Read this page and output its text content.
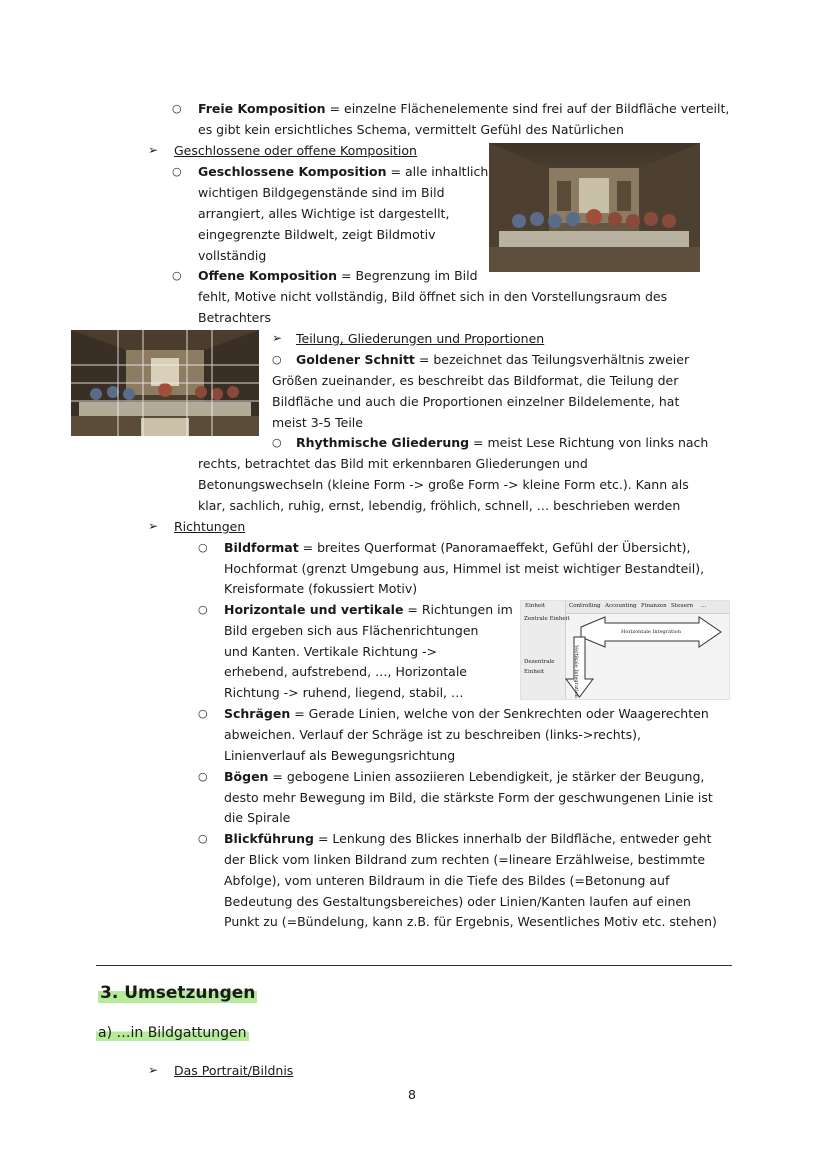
○ Freie Komposition = einzelne Flächenelemente sind frei auf der Bildfläche verteilt,
es gibt kein ersichtliches Schema, vermittelt Gefühl des Natürlichen
➢ Geschlossene oder offene Komposition
○ Geschlossene Komposition = alle inhaltlich
wichtigen Bildgegenstände sind im Bild
arrangiert, alles Wichtige ist dargestellt,
eingegrenzte Bildwelt, zeigt Bildmotiv
vollständig
○ Offene Komposition = Begrenzung im Bild
fehlt, Motive nicht vollständig, Bild öffnet sich in den Vorstellungsraum des
Betrachters
➢ Teilung, Gliederungen und Proportionen
○ Goldener Schnitt = bezeichnet das Teilungsverhältnis zweier
Größen zueinander, es beschreibt das Bildformat, die Teilung der
Bildfläche und auch die Proportionen einzelner Bildelemente, hat
meist 3-5 Teile
○ Rhythmische Gliederung = meist Lese Richtung von links nach
rechts, betrachtet das Bild mit erkennbaren Gliederungen und
Betonungswechseln (kleine Form -> große Form -> kleine Form etc.). Kann als
klar, sachlich, ruhig, ernst, lebendig, fröhlich, schnell, … beschrieben werden
➢ Richtungen
○ Bildformat = breites Querformat (Panoramaeffekt, Gefühl der Übersicht),
Hochformat (grenzt Umgebung aus, Himmel ist meist wichtiger Bestandteil),
Kreisformate (fokussiert Motiv)
○ Horizontale und vertikale = Richtungen im
Bild ergeben sich aus Flächenrichtungen
und Kanten. Vertikale Richtung ->
erhebend, aufstrebend, …, Horizontale
Richtung -> ruhend, liegend, stabil, …
Einheit	Controlling Accounting Finanzen Steuern …
Zentrale Einheit
Dezentrale
Einheit
Horizontale Integration
Vertikale Integration
○ Schrägen = Gerade Linien, welche von der Senkrechten oder Waagerechten
abweichen. Verlauf der Schräge ist zu beschreiben (links->rechts),
Linienverlauf als Bewegungsrichtung
○ Bögen = gebogene Linien assoziieren Lebendigkeit, je stärker der Beugung,
desto mehr Bewegung im Bild, die stärkste Form der geschwungenen Linie ist
die Spirale
○ Blickführung = Lenkung des Blickes innerhalb der Bildfläche, entweder geht
der Blick vom linken Bildrand zum rechten (=lineare Erzählweise, bestimmte
Abfolge), vom unteren Bildraum in die Tiefe des Bildes (=Betonung auf
Bedeutung des Gestaltungsbereiches) oder Linien/Kanten laufen auf einen
Punkt zu (=Bündelung, kann z.B. für Ergebnis, Wesentliches Motiv etc. stehen)
3. Umsetzungen
a) …in Bildgattungen
➢ Das Portrait/Bildnis
8
